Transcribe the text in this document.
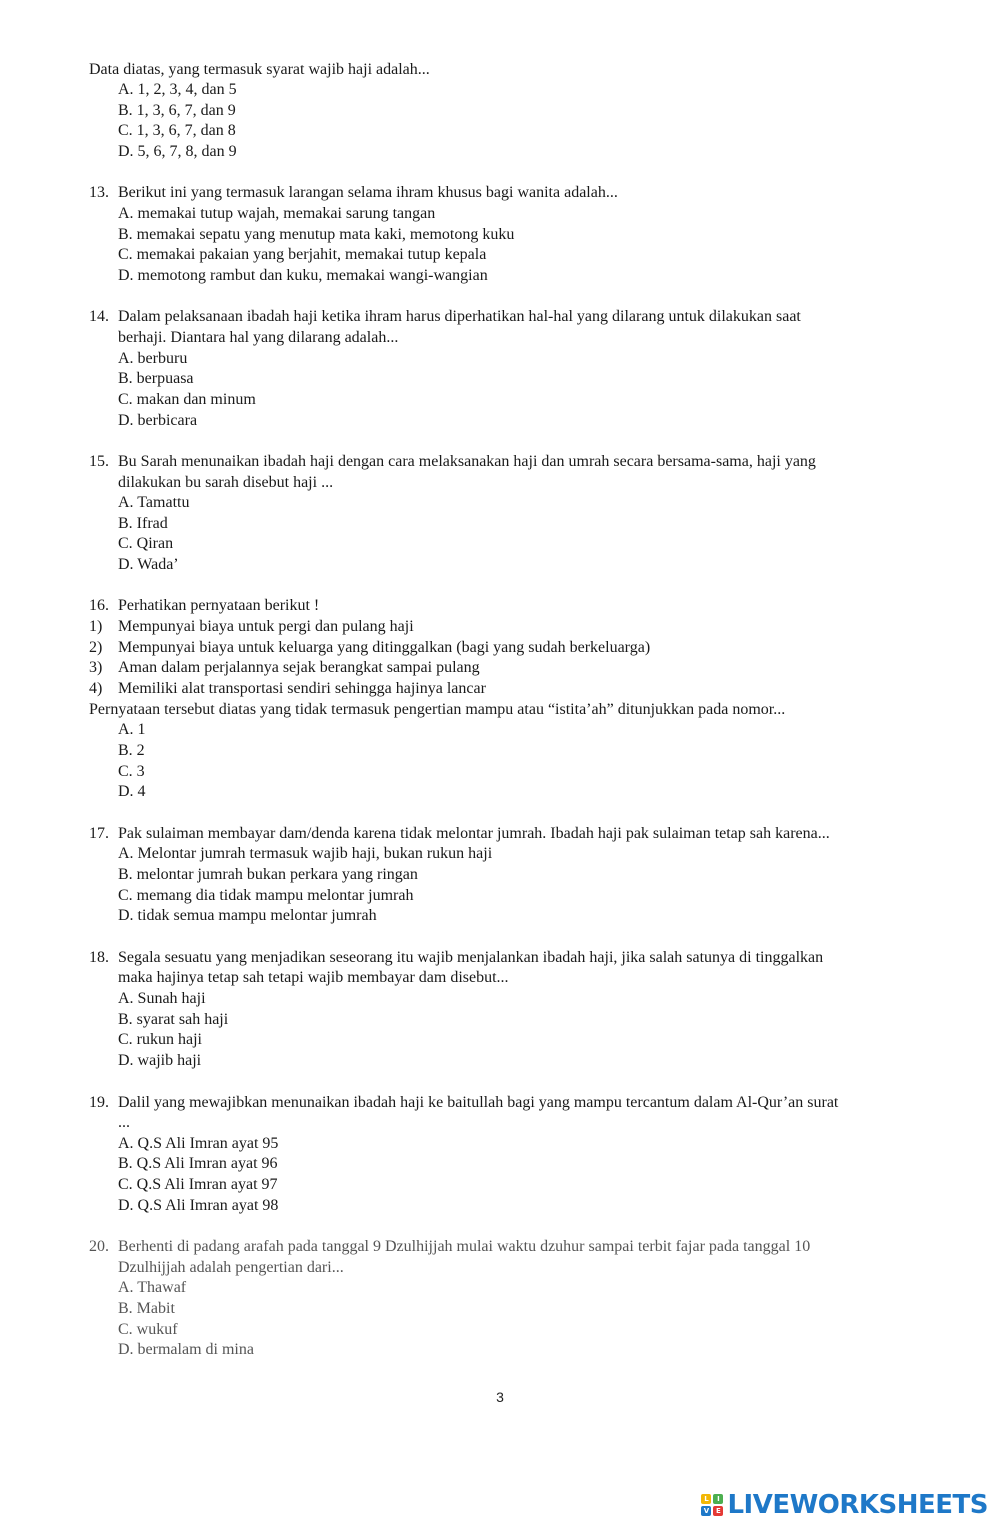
Data diatas, yang termasuk syarat wajib haji adalah...
A. 1, 2, 3, 4, dan 5
B. 1, 3, 6, 7, dan 9
C. 1, 3, 6, 7, dan 8
D. 5, 6, 7, 8, dan 9
13. Berikut ini yang termasuk larangan selama ihram khusus bagi wanita adalah...
A. memakai tutup wajah, memakai sarung tangan
B. memakai sepatu yang menutup mata kaki, memotong kuku
C. memakai pakaian yang berjahit, memakai tutup kepala
D. memotong rambut dan kuku, memakai wangi-wangian
14. Dalam pelaksanaan ibadah haji ketika ihram harus diperhatikan hal-hal yang dilarang untuk dilakukan saat
berhaji. Diantara hal yang dilarang adalah...
A. berburu
B. berpuasa
C. makan dan minum
D. berbicara
15. Bu Sarah menunaikan ibadah haji dengan cara melaksanakan haji dan umrah secara bersama-sama, haji yang
dilakukan bu sarah disebut haji ...
A. Tamattu
B. Ifrad
C. Qiran
D. Wada’
16. Perhatikan pernyataan berikut !
1) Mempunyai biaya untuk pergi dan pulang haji
2) Mempunyai biaya untuk keluarga yang ditinggalkan (bagi yang sudah berkeluarga)
3) Aman dalam perjalannya sejak berangkat sampai pulang
4) Memiliki alat transportasi sendiri sehingga hajinya lancar
Pernyataan tersebut diatas yang tidak termasuk pengertian mampu atau “istita’ah” ditunjukkan pada nomor...
A. 1
B. 2
C. 3
D. 4
17. Pak sulaiman membayar dam/denda karena tidak melontar jumrah. Ibadah haji pak sulaiman tetap sah karena...
A. Melontar jumrah termasuk wajib haji, bukan rukun haji
B. melontar jumrah bukan perkara yang ringan
C. memang dia tidak mampu melontar jumrah
D. tidak semua mampu melontar jumrah
18. Segala sesuatu yang menjadikan seseorang itu wajib menjalankan ibadah haji, jika salah satunya di tinggalkan
maka hajinya tetap sah tetapi wajib membayar dam disebut...
A. Sunah haji
B. syarat sah haji
C. rukun haji
D. wajib haji
19. Dalil yang mewajibkan menunaikan ibadah haji ke baitullah bagi yang mampu tercantum dalam Al-Qur’an surat
...
A. Q.S Ali Imran ayat 95
B. Q.S Ali Imran ayat 96
C. Q.S Ali Imran ayat 97
D. Q.S Ali Imran ayat 98
20. Berhenti di padang arafah pada tanggal 9 Dzulhijjah mulai waktu dzuhur sampai terbit fajar pada tanggal 10
Dzulhijjah adalah pengertian dari...
A. Thawaf
B. Mabit
C. wukuf
D. bermalam di mina
3
L	I
V E LIVEWORKSHEETS
